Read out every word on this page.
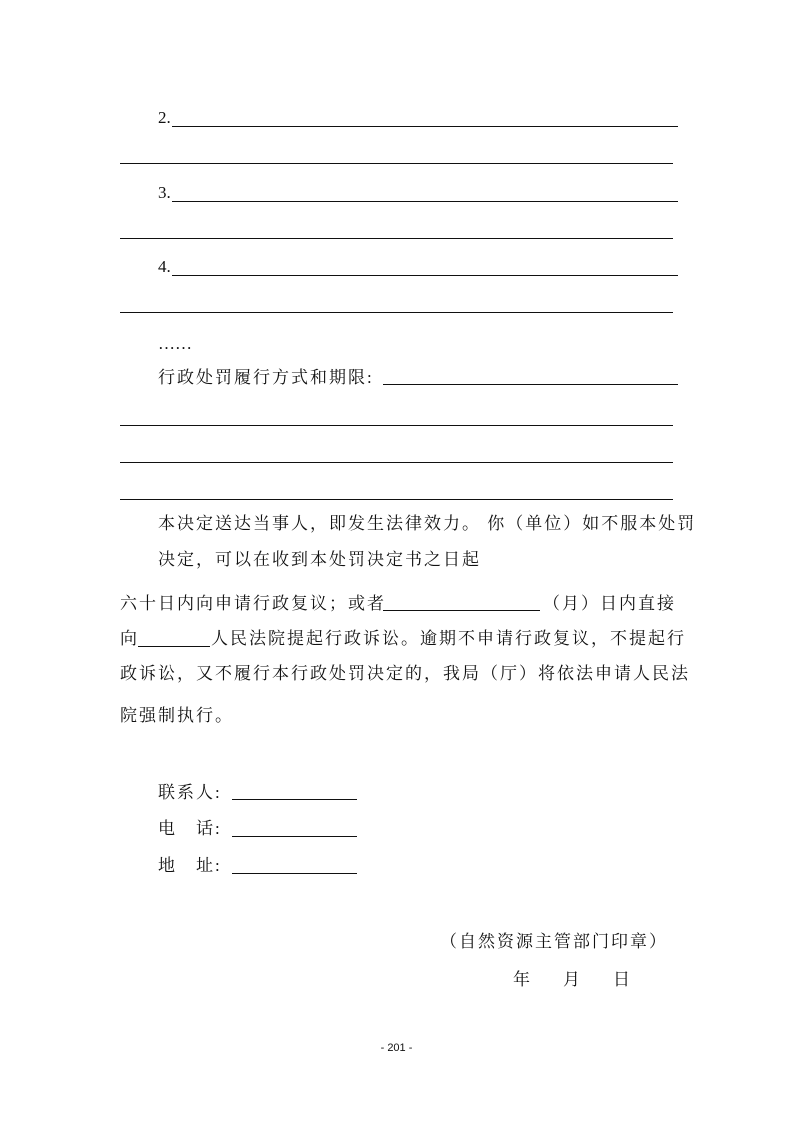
2.
3.
4.
……
行政处罚履行方式和期限:
本决定送达当事人，即发生法律效力。 你（单位）如不服本处罚
决定，可以在收到本处罚决定书之日起
六十日内向申请行政复议；或者	（月）日内直接
向	人民法院提起行政诉讼。逾期不申请行政复议，不提起行
政诉讼，又不履行本行政处罚决定的，我局（厅）将依法申请人民法
院强制执行。
联系人:
电　话:
地　址:
（自然资源主管部门印章）
年　月　日
- 201 -
